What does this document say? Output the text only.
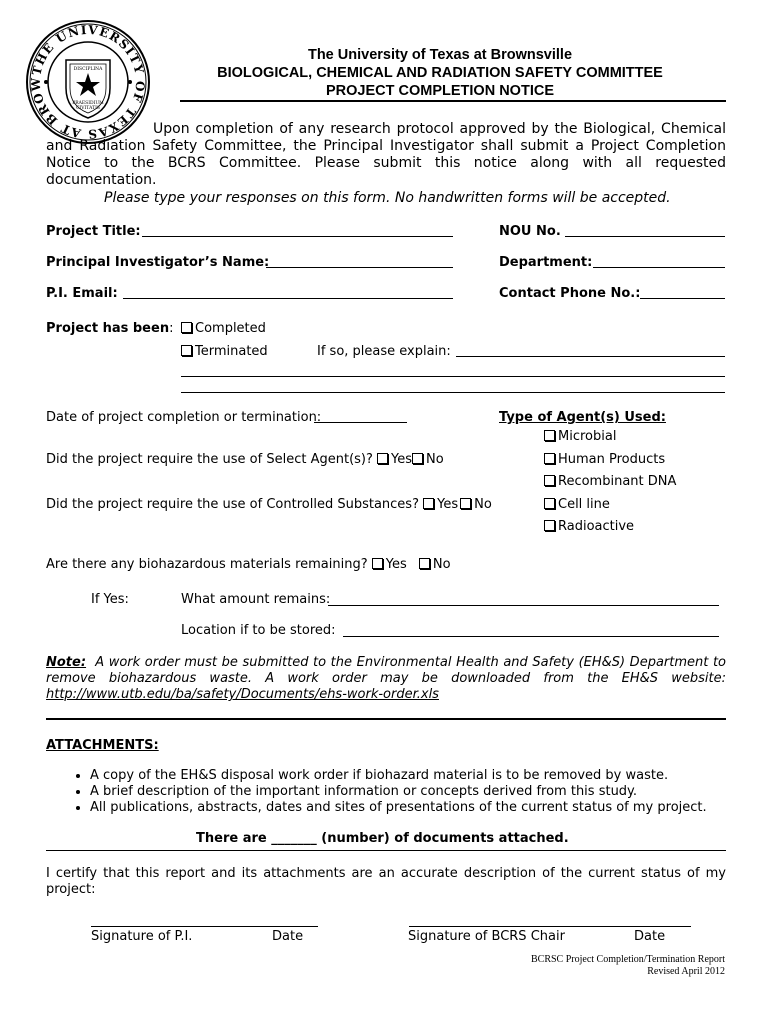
THE UNIVERSITY OF TEXAS AT BROW
DISCIPLINA
PRAESIDIUM
CIVITATIS
The University of Texas at Brownsville
BIOLOGICAL, CHEMICAL AND RADIATION SAFETY COMMITTEE
PROJECT COMPLETION NOTICE
Upon completion of any research protocol approved by the Biological, Chemical and Radiation Safety Committee, the Principal Investigator shall submit a Project Completion Notice to the BCRS Committee. Please submit this notice along with all requested documentation.
Please type your responses on this form. No handwritten forms will be accepted.
Project Title:	NOU No.
Principal Investigator’s Name:	Department:
P.I. Email:	Contact Phone No.:
Project has been:	Completed
Terminated	If so, please explain:
Date of project completion or termination:	Type of Agent(s) Used:
Microbial
Human Products
Recombinant DNA
Cell line
Radioactive
Did the project require the use of Select Agent(s)? Yes No
Did the project require the use of Controlled Substances? Yes No
Are there any biohazardous materials remaining? Yes No
If Yes:	What amount remains:
Location if to be stored:
Note: A work order must be submitted to the Environmental Health and Safety (EH&S) Department to remove biohazardous waste. A work order may be downloaded from the EH&S website: http://www.utb.edu/ba/safety/Documents/ehs-work-order.xls
ATTACHMENTS:
• A copy of the EH&S disposal work order if biohazard material is to be removed by waste.
• A brief description of the important information or concepts derived from this study.
• All publications, abstracts, dates and sites of presentations of the current status of my project.
There are _______ (number) of documents attached.
I certify that this report and its attachments are an accurate description of the current status of my project:
Signature of P.I.	Date	Signature of BCRS Chair	Date
BCRSC Project Completion/Termination Report
Revised April 2012
